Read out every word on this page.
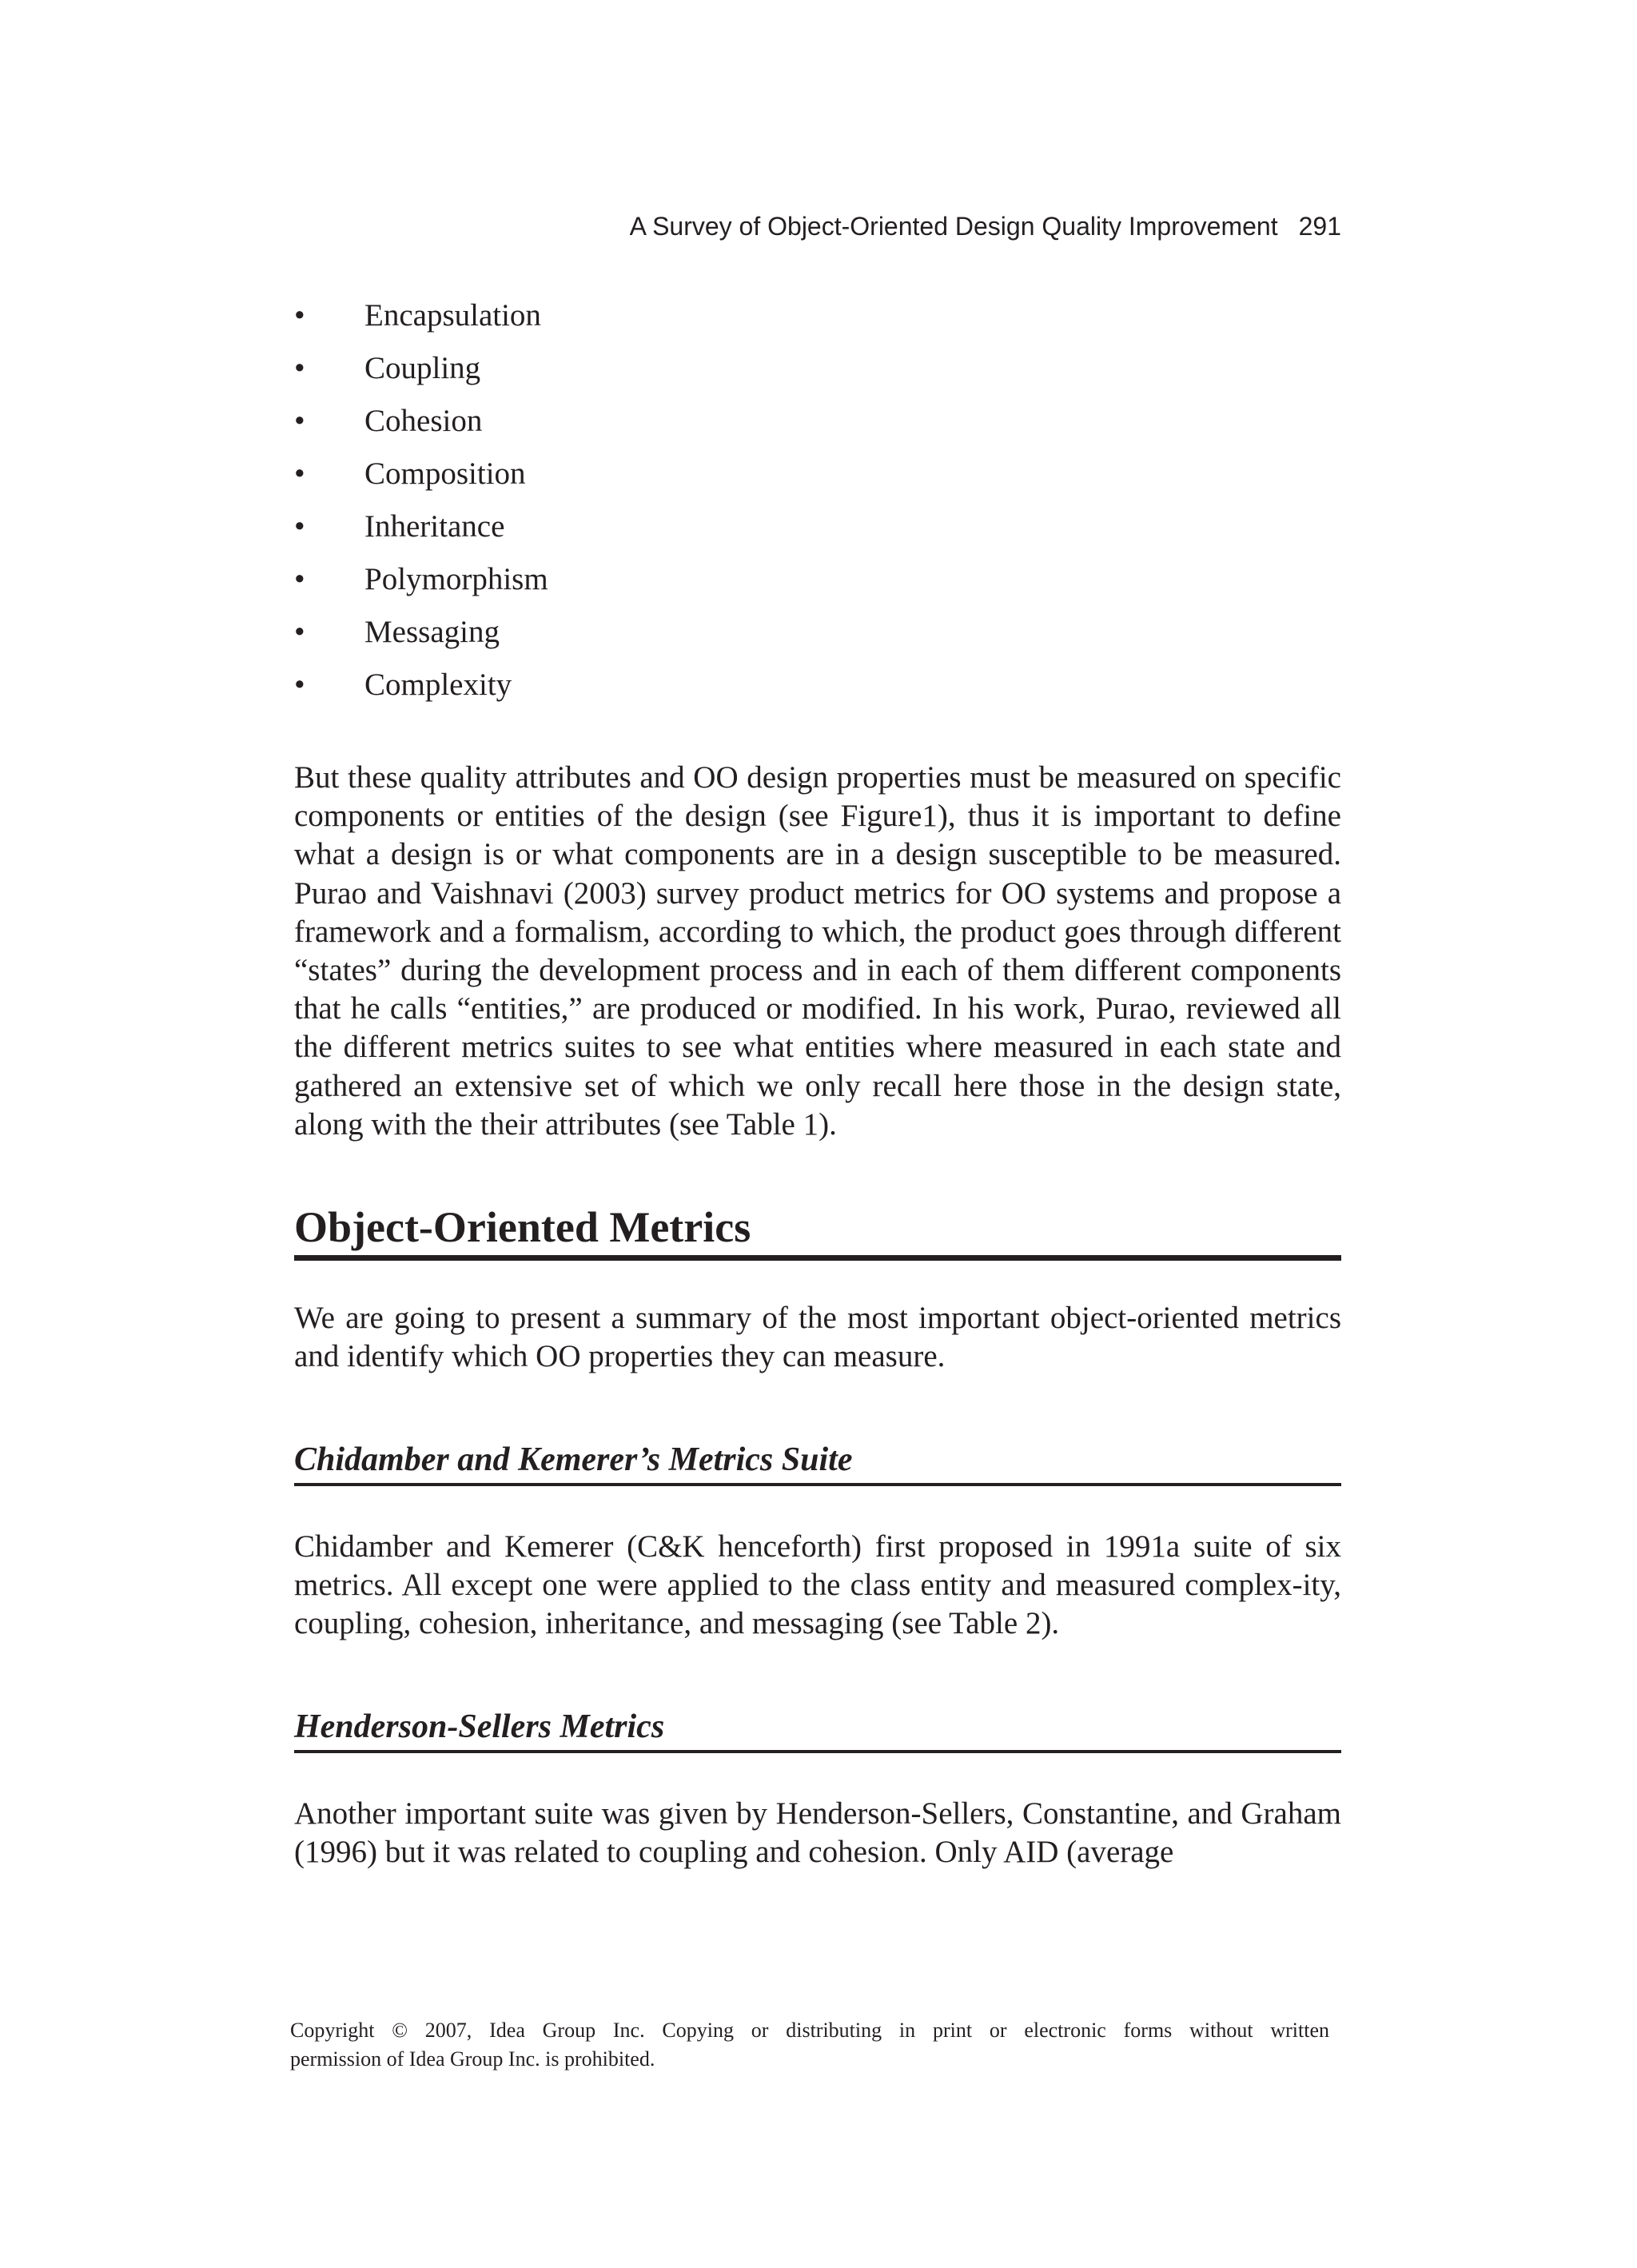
A Survey of Object-Oriented Design Quality Improvement 291
• Encapsulation
• Coupling
• Cohesion
• Composition
• Inheritance
• Polymorphism
• Messaging
• Complexity

But these quality attributes and OO design properties must be measured on specific components or entities of the design (see Figure1), thus it is important to define what a design is or what components are in a design susceptible to be measured. Purao and Vaishnavi (2003) survey product metrics for OO systems and propose a framework and a formalism, according to which, the product goes through different “states” during the development process and in each of them different components that he calls “entities,” are produced or modified. In his work, Purao, reviewed all the different metrics suites to see what entities where measured in each state and gathered an extensive set of which we only recall here those in the design state, along with the their attributes (see Table 1).

Object-Oriented Metrics

We are going to present a summary of the most important object-oriented metrics and identify which OO properties they can measure.

Chidamber and Kemerer’s Metrics Suite

Chidamber and Kemerer (C&K henceforth) first proposed in 1991a suite of six metrics. All except one were applied to the class entity and measured complex-ity, coupling, cohesion, inheritance, and messaging (see Table 2).

Henderson-Sellers Metrics

Another important suite was given by Henderson-Sellers, Constantine, and Graham (1996) but it was related to coupling and cohesion. Only AID (average

Copyright © 2007, Idea Group Inc. Copying or distributing in print or electronic forms without written
permission of Idea Group Inc. is prohibited.
